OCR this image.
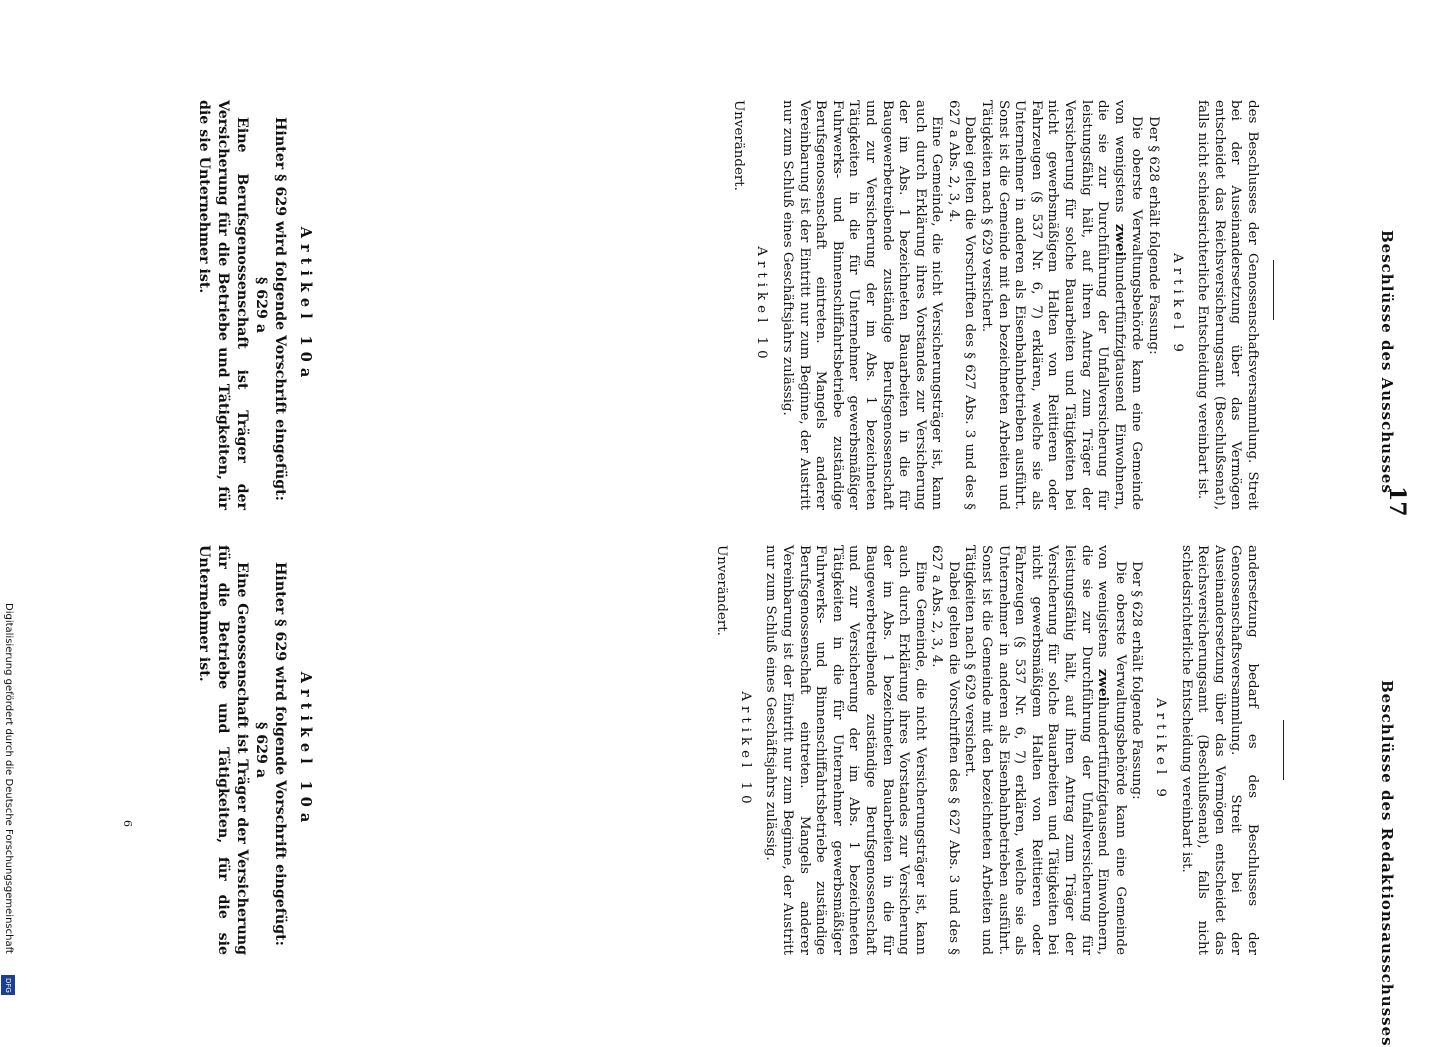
Beschlüsse des Ausschusses
Beschlüsse des Redaktionsausschusses
17

des Beschlusses der Genossenschaftsversammlung. Streit bei der Auseinandersetzung über das Vermögen entscheidet das Reichsversicherungsamt (Beschlußsenat), falls nicht schiedsrichterliche Entscheidung vereinbart ist.

Artikel 9

Der § 628 erhält folgende Fassung:

Die oberste Verwaltungsbehörde kann eine Gemeinde von wenigstens zweihundertfünfzigtausend Einwohnern, die sie zur Durchführung der Unfallversicherung für leistungsfähig hält, auf ihren Antrag zum Träger der Versicherung für solche Bauarbeiten und Tätigkeiten bei nicht gewerbsmäßigem Halten von Reittieren oder Fahrzeugen (§ 537 Nr. 6, 7) erklären, welche sie als Unternehmer in anderen als Eisenbahnbetrieben ausführt. Sonst ist die Gemeinde mit den bezeichneten Arbeiten und Tätigkeiten nach § 629 versichert.

Dabei gelten die Vorschriften des § 627 Abs. 3 und des § 627 a Abs. 2, 3, 4.

Eine Gemeinde, die nicht Versicherungsträger ist, kann auch durch Erklärung ihres Vorstandes zur Versicherung der im Abs. 1 bezeichneten Bauarbeiten in die für Baugewerbetreibende zuständige Berufsgenossenschaft und zur Versicherung der im Abs. 1 bezeichneten Tätigkeiten in die für Unternehmer gewerbsmäßiger Fuhrwerks- und Binnenschiffahrtsbetriebe zuständige Berufsgenossenschaft eintreten. Mangels anderer Vereinbarung ist der Eintritt nur zum Beginne, der Austritt nur zum Schluß eines Geschäftsjahrs zulässig.

Artikel 10

Unverändert.

Artikel 10a

Hinter § 629 wird folgende Vorschrift eingefügt:

§ 629 a

Eine Berufsgenossenschaft ist Träger der Versicherung für die Betriebe und Tätigkeiten, für die sie Unternehmer ist.

andersetzung bedarf es des Beschlusses der Genossenschaftsversammlung. Streit bei der Auseinandersetzung über das Vermögen entscheidet das Reichsversicherungsamt (Beschlußsenat), falls nicht schiedsrichterliche Entscheidung vereinbart ist.

Artikel 9

Der § 628 erhält folgende Fassung:

Die oberste Verwaltungsbehörde kann eine Gemeinde von wenigstens zweihundertfünfzigtausend Einwohnern, die sie zur Durchführung der Unfallversicherung für leistungsfähig hält, auf ihren Antrag zum Träger der Versicherung für solche Bauarbeiten und Tätigkeiten bei nicht gewerbsmäßigem Halten von Reittieren oder Fahrzeugen (§ 537 Nr. 6, 7) erklären, welche sie als Unternehmer in anderen als Eisenbahnbetrieben ausführt. Sonst ist die Gemeinde mit den bezeichneten Arbeiten und Tätigkeiten nach § 629 versichert.

Dabei gelten die Vorschriften des § 627 Abs. 3 und des § 627 a Abs. 2, 3, 4.

Eine Gemeinde, die nicht Versicherungsträger ist, kann auch durch Erklärung ihres Vorstandes zur Versicherung der im Abs. 1 bezeichneten Bauarbeiten in die für Baugewerbetreibende zuständige Berufsgenossenschaft und zur Versicherung der im Abs. 1 bezeichneten Tätigkeiten in die für Unternehmer gewerbsmäßiger Fuhrwerks- und Binnenschiffahrtsbetriebe zuständige Berufsgenossenschaft eintreten. Mangels anderer Vereinbarung ist der Eintritt nur zum Beginne, der Austritt nur zum Schluß eines Geschäftsjahrs zulässig.

Artikel 10

Unverändert.

Artikel 10a

Hinter § 629 wird folgende Vorschrift eingefügt:

§ 629 a

Eine Genossenschaft ist Träger der Versicherung für die Betriebe und Tätigkeiten, für die sie Unternehmer ist.

6
Digitalisierung gefördert durch die Deutsche Forschungsgemeinschaft
DFG
